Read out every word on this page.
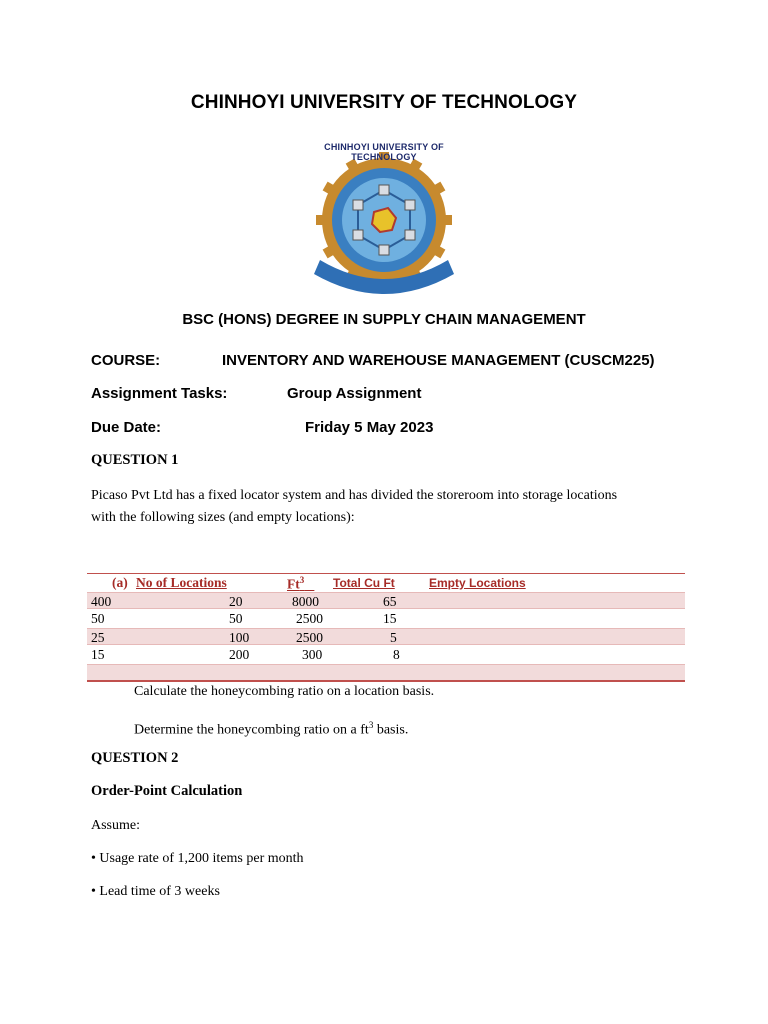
CHINHOYI UNIVERSITY OF TECHNOLOGY
CHINHOYI UNIVERSITY OF TECHNOLOGY
BSC (HONS) DEGREE IN SUPPLY CHAIN MANAGEMENT
COURSE:	INVENTORY AND WAREHOUSE MANAGEMENT (CUSCM225)
Assignment Tasks:	Group Assignment
Due Date:	Friday 5 May 2023
QUESTION 1
Picaso Pvt Ltd has a fixed locator system and has divided the storeroom into storage locations
with the following sizes (and empty locations):
(a) No of Locations	Ft$^3$	Total Cu Ft	Empty Locations
400	20	8000	65
50	50	2500	15
25	100	2500	5
15	200	300	8
Calculate the honeycombing ratio on a location basis.
Determine the honeycombing ratio on a $ft^3$ basis.
QUESTION 2
Order-Point Calculation
Assume:
• Usage rate of 1,200 items per month
• Lead time of 3 weeks
